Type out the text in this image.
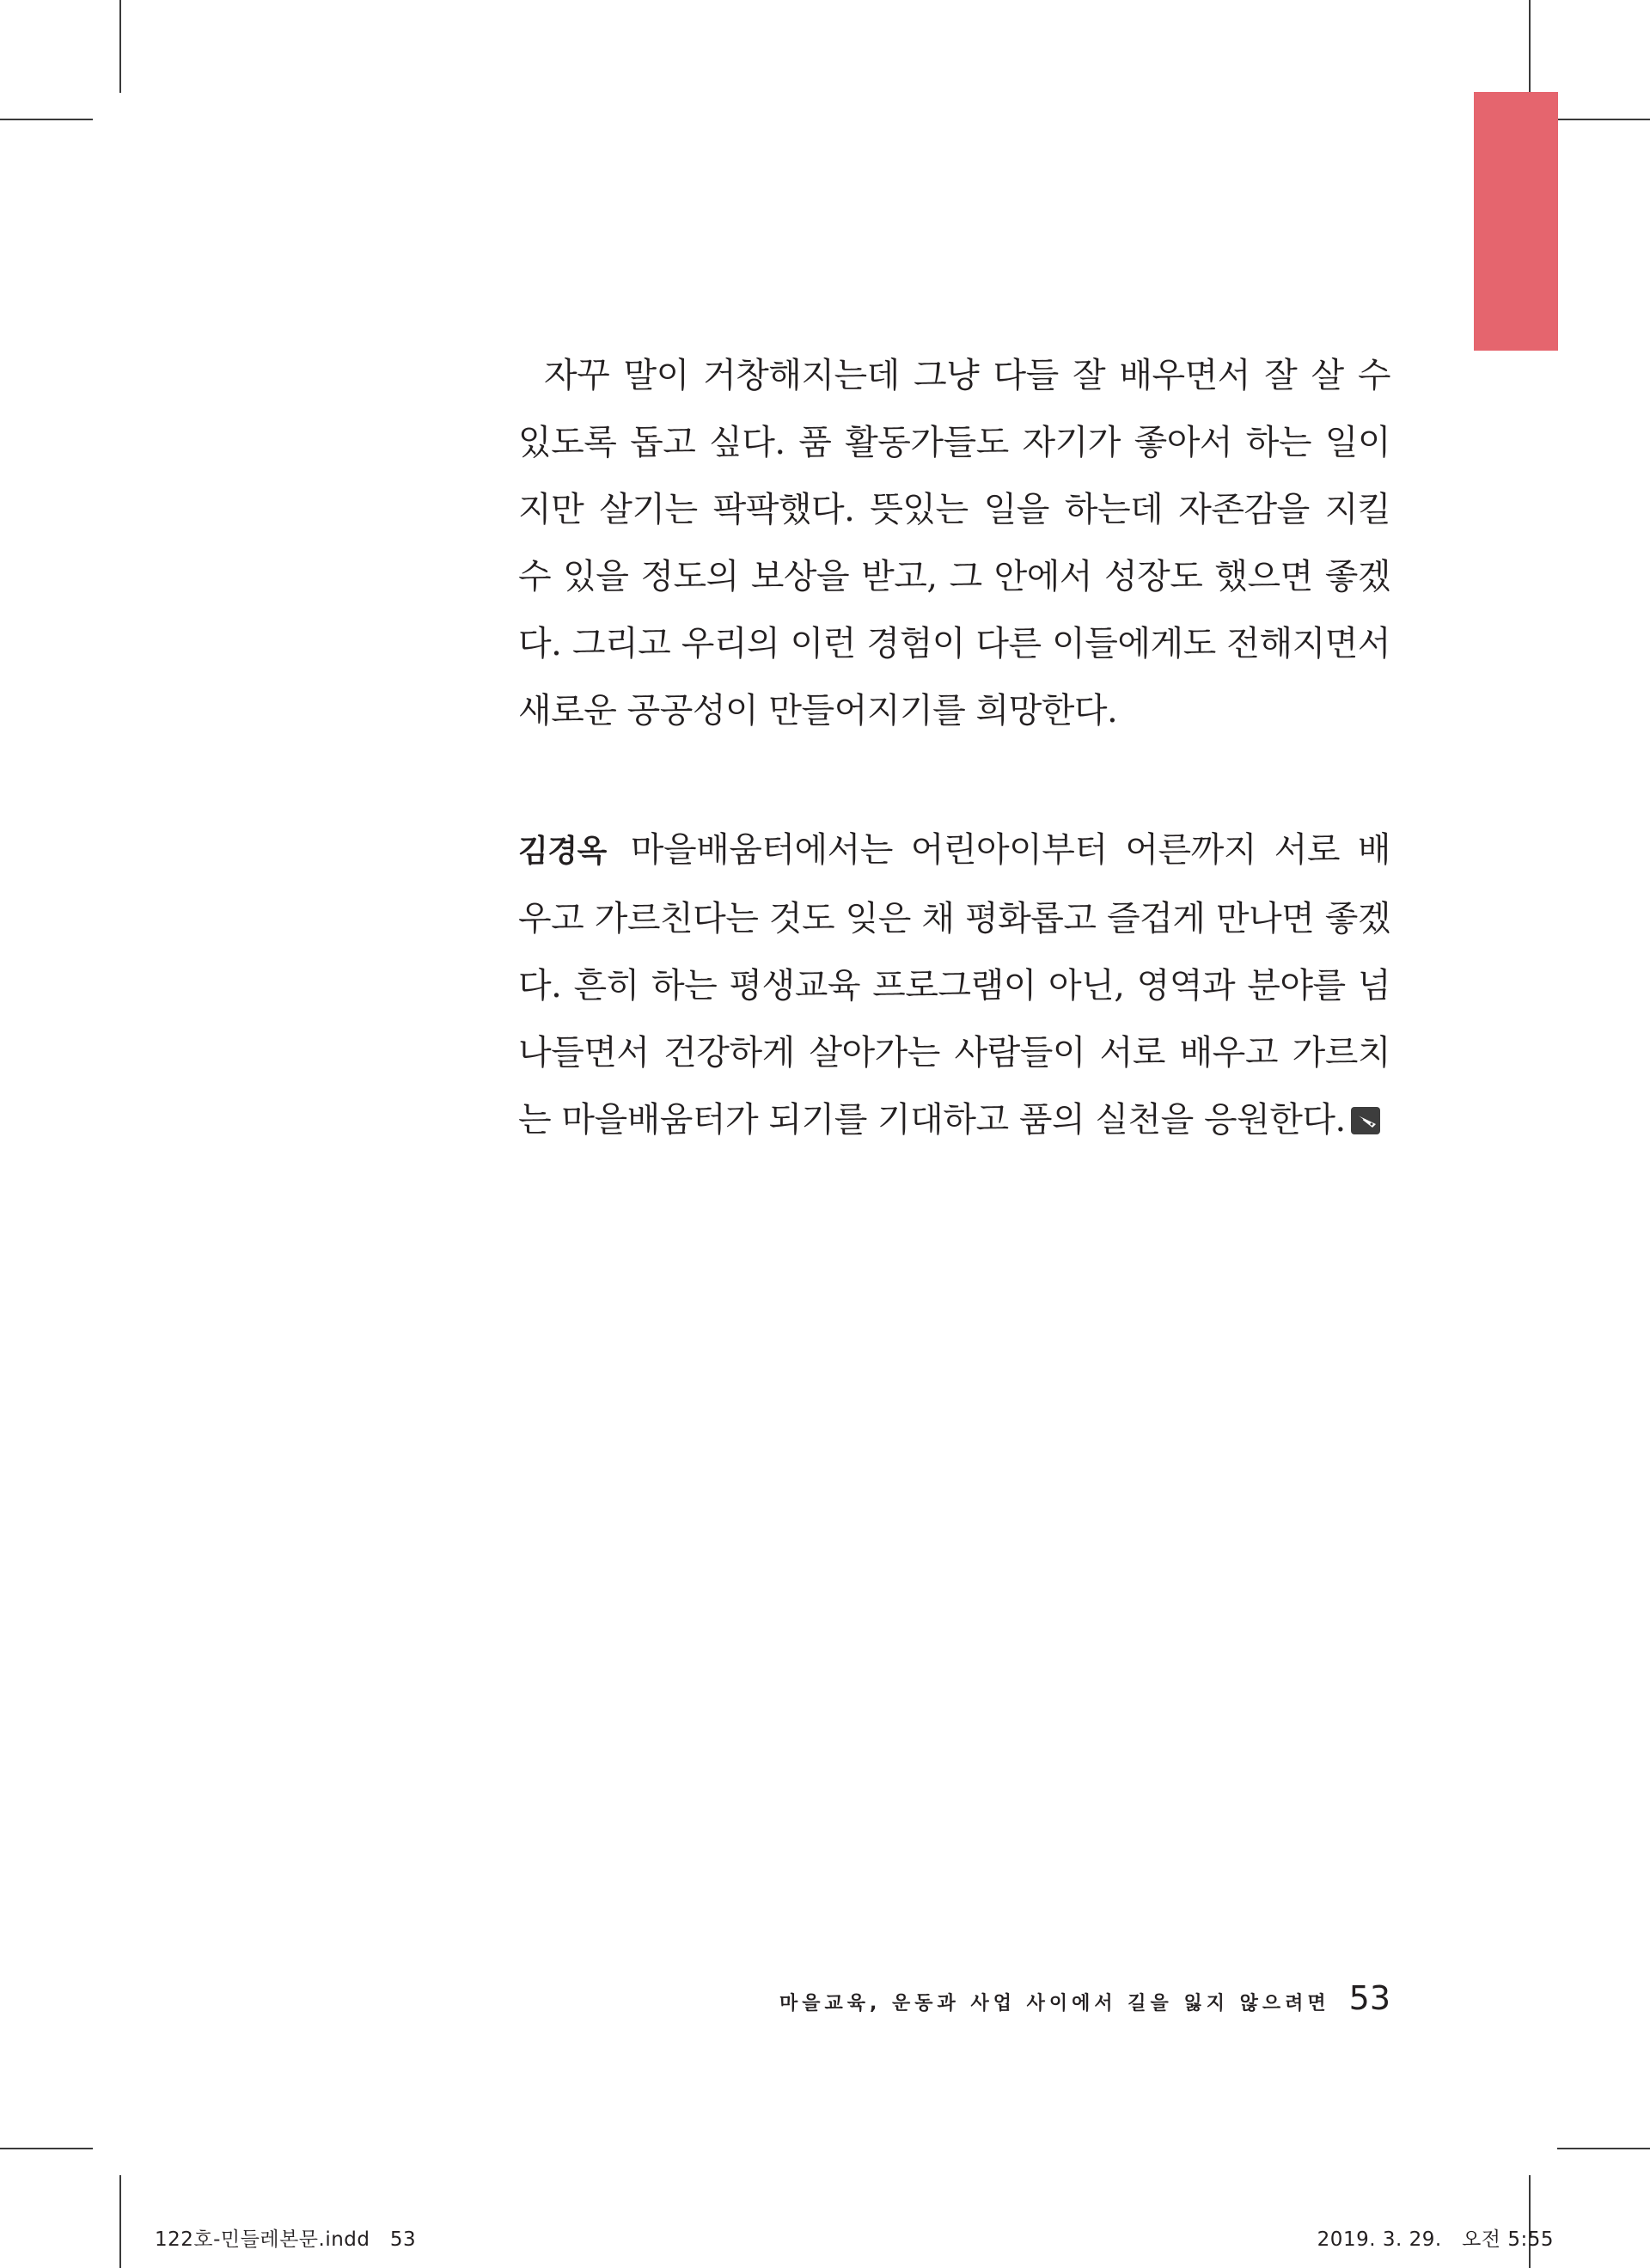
자꾸 말이 거창해지는데 그냥 다들 잘 배우면서 잘 살 수 있도록 돕고 싶다. 품 활동가들도 자기가 좋아서 하는 일이지만 살기는 팍팍했다. 뜻있는 일을 하는데 자존감을 지킬 수 있을 정도의 보상을 받고, 그 안에서 성장도 했으면 좋겠다. 그리고 우리의 이런 경험이 다른 이들에게도 전해지면서 새로운 공공성이 만들어지기를 희망한다.

김경옥 마을배움터에서는 어린아이부터 어른까지 서로 배우고 가르친다는 것도 잊은 채 평화롭고 즐겁게 만나면 좋겠다. 흔히 하는 평생교육 프로그램이 아닌, 영역과 분야를 넘나들면서 건강하게 살아가는 사람들이 서로 배우고 가르치는 마을배움터가 되기를 기대하고 품의 실천을 응원한다.

마을교육, 운동과 사업 사이에서 길을 잃지 않으려면 53
122호-민들레본문.indd   53	2019. 3. 29.   오전 5:55
